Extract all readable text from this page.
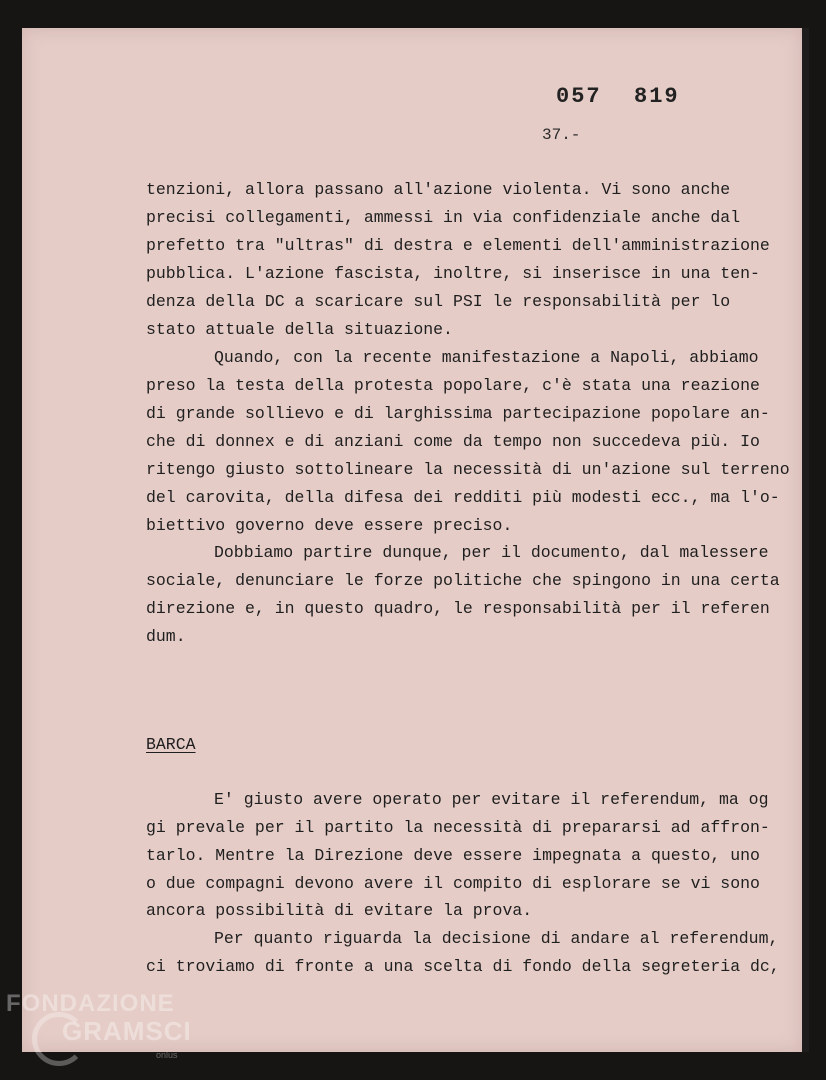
057 819
37.-

tenzioni, allora passano all'azione violenta. Vi sono anche

precisi collegamenti, ammessi in via confidenziale anche dal

prefetto tra "ultras" di destra e elementi dell'amministrazione

pubblica. L'azione fascista, inoltre, si inserisce in una ten-

denza della DC a scaricare sul PSI le responsabilità per lo

stato attuale della situazione.

Quando, con la recente manifestazione a Napoli, abbiamo

preso la testa della protesta popolare, c'è stata una reazione

di grande sollievo e di larghissima partecipazione popolare an-

che di donnex e di anziani come da tempo non succedeva più. Io

ritengo giusto sottolineare la necessità di un'azione sul terreno

del carovita, della difesa dei redditi più modesti ecc., ma l'o-

biettivo governo deve essere preciso.

Dobbiamo partire dunque, per il documento, dal malessere

sociale, denunciare le forze politiche che spingono in una certa

direzione e, in questo quadro, le responsabilità per il referen

dum.

BARCA

E' giusto avere operato per evitare il referendum, ma og

gi prevale per il partito la necessità di prepararsi ad affron-

tarlo. Mentre la Direzione deve essere impegnata a questo, uno

o due compagni devono avere il compito di esplorare se vi sono

ancora possibilità di evitare la prova.

Per quanto riguarda la decisione di andare al referendum,

ci troviamo di fronte a una scelta di fondo della segreteria dc,

FONDAZIONE
GRAMSCI
onlus
